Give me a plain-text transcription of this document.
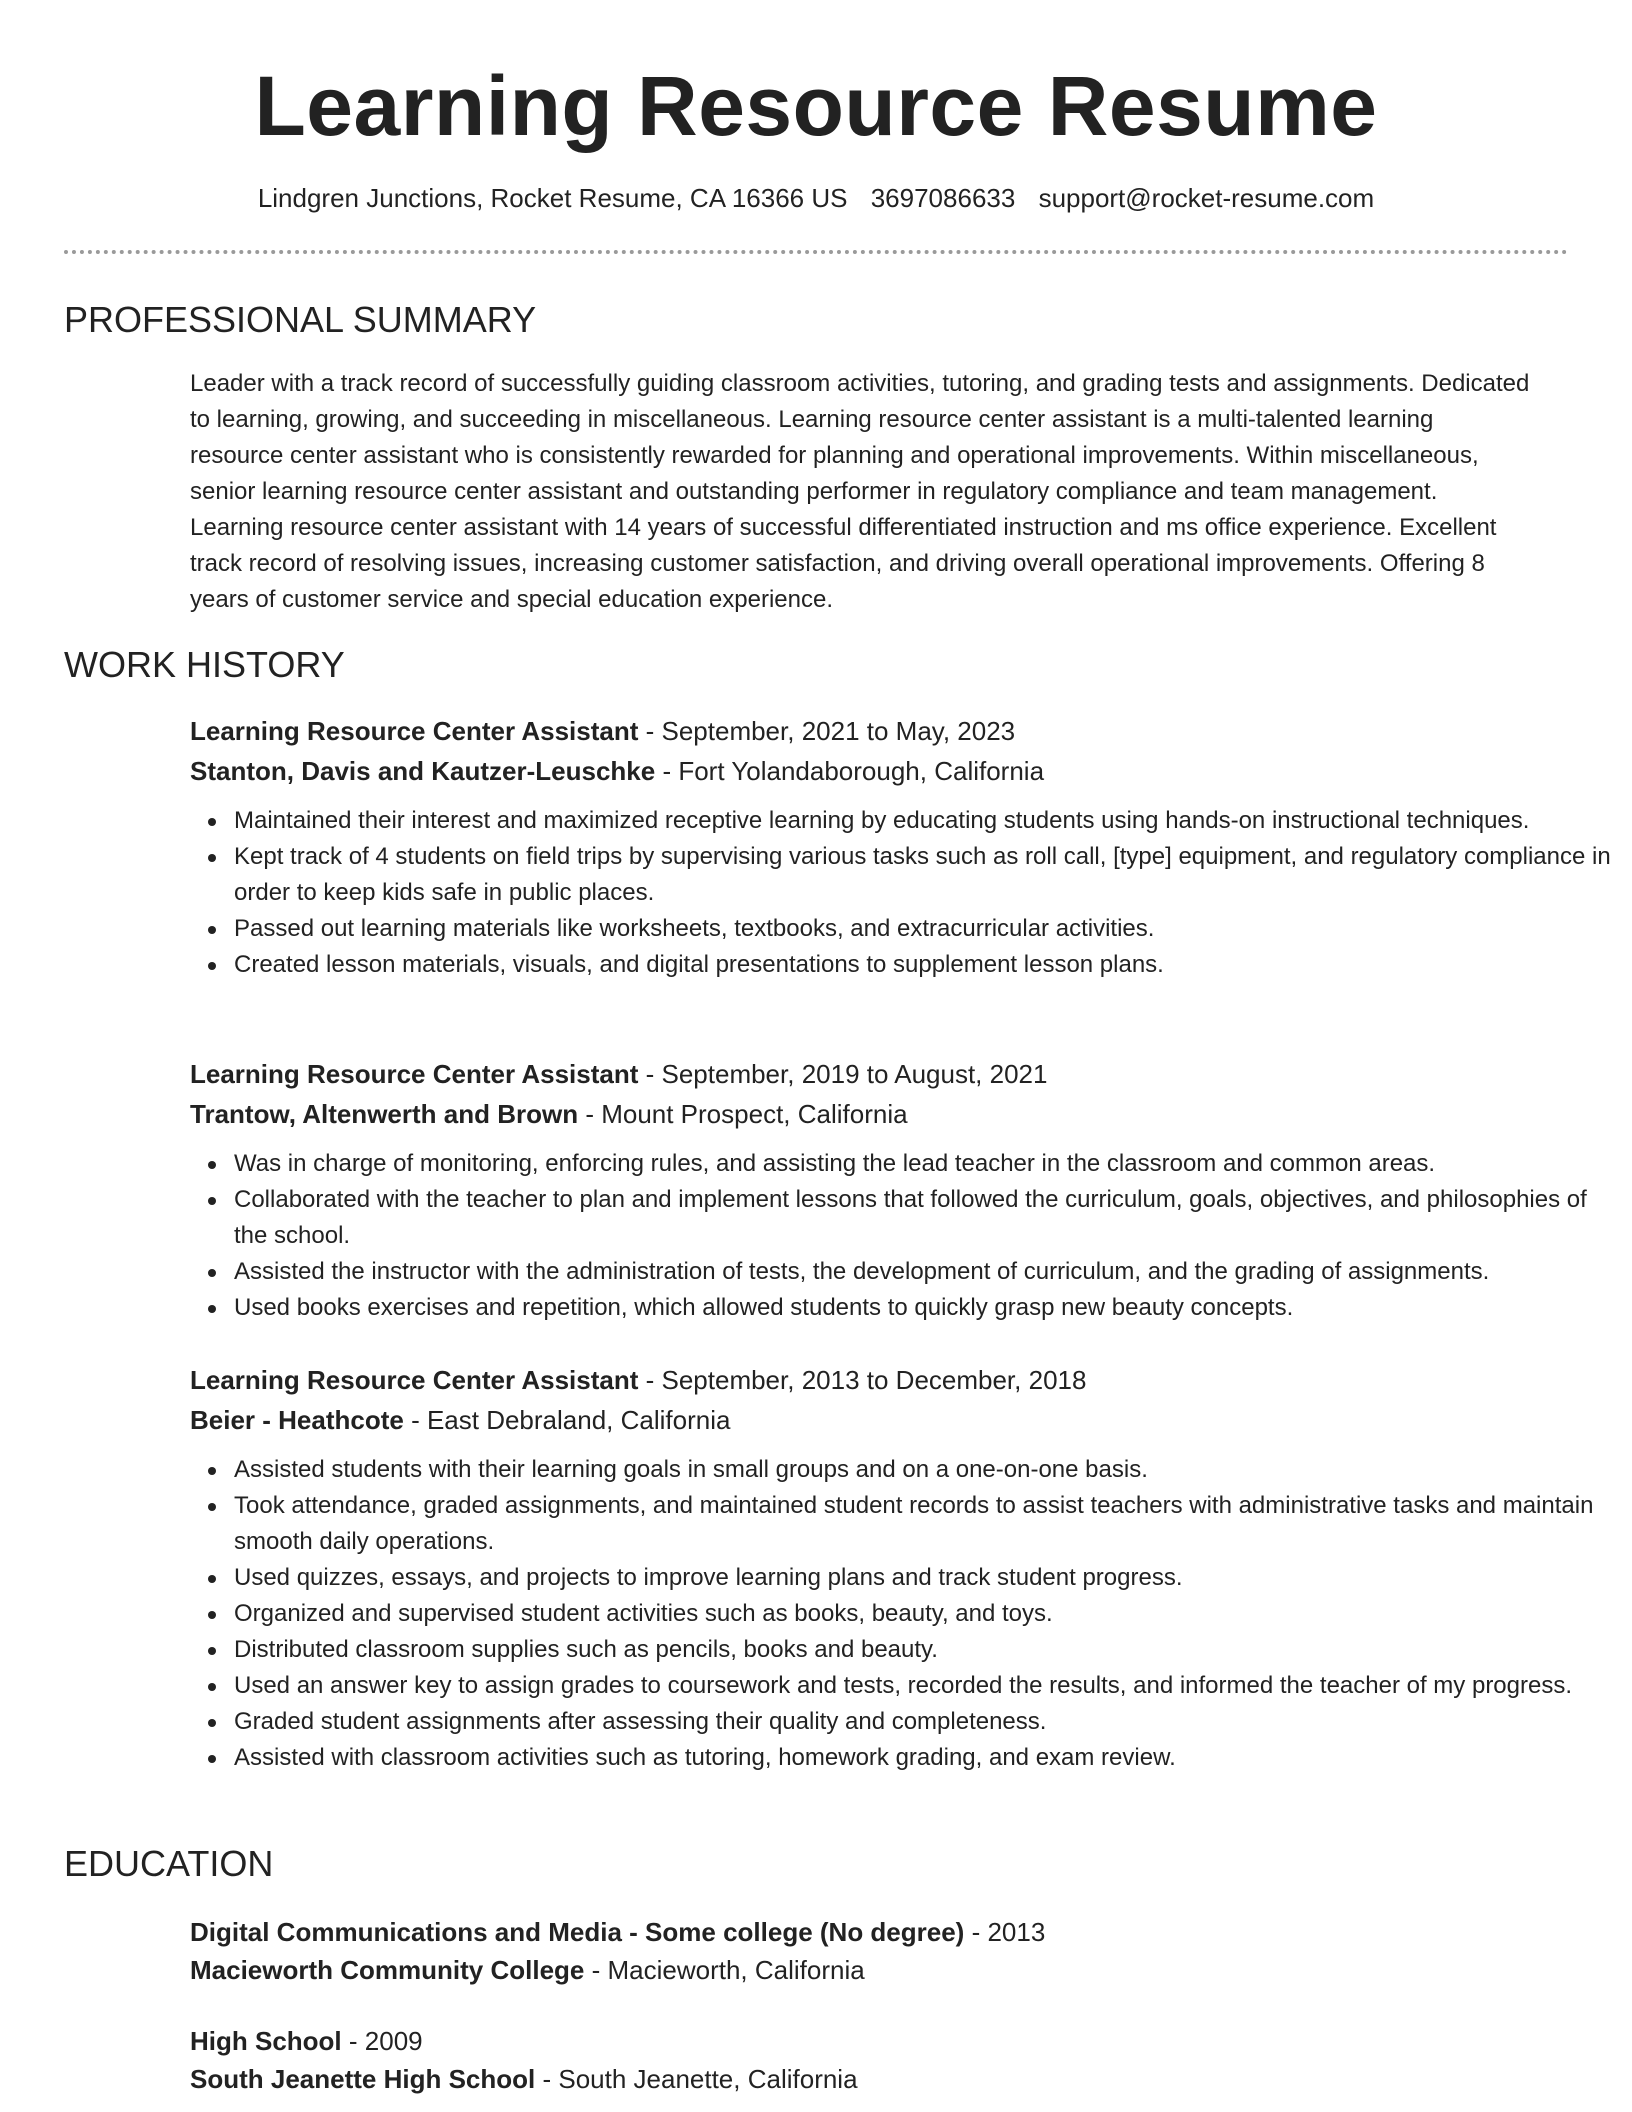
Learning Resource Resume
Lindgren Junctions, Rocket Resume, CA 16366 US 3697086633 support@rocket-resume.com
PROFESSIONAL SUMMARY

Leader with a track record of successfully guiding classroom activities, tutoring, and grading tests and assignments. Dedicated to learning, growing, and succeeding in miscellaneous. Learning resource center assistant is a multi-talented learning resource center assistant who is consistently rewarded for planning and operational improvements. Within miscellaneous, senior learning resource center assistant and outstanding performer in regulatory compliance and team management. Learning resource center assistant with 14 years of successful differentiated instruction and ms office experience. Excellent track record of resolving issues, increasing customer satisfaction, and driving overall operational improvements. Offering 8 years of customer service and special education experience.

WORK HISTORY
Learning Resource Center Assistant - September, 2021 to May, 2023
Stanton, Davis and Kautzer-Leuschke - Fort Yolandaborough, California
Maintained their interest and maximized receptive learning by educating students using hands-on instructional techniques.
Kept track of 4 students on field trips by supervising various tasks such as roll call, [type] equipment, and regulatory compliance in order to keep kids safe in public places.
Passed out learning materials like worksheets, textbooks, and extracurricular activities.
Created lesson materials, visuals, and digital presentations to supplement lesson plans.
Learning Resource Center Assistant - September, 2019 to August, 2021
Trantow, Altenwerth and Brown - Mount Prospect, California
Was in charge of monitoring, enforcing rules, and assisting the lead teacher in the classroom and common areas.
Collaborated with the teacher to plan and implement lessons that followed the curriculum, goals, objectives, and philosophies of the school.
Assisted the instructor with the administration of tests, the development of curriculum, and the grading of assignments.
Used books exercises and repetition, which allowed students to quickly grasp new beauty concepts.
Learning Resource Center Assistant - September, 2013 to December, 2018
Beier - Heathcote - East Debraland, California
Assisted students with their learning goals in small groups and on a one-on-one basis.
Took attendance, graded assignments, and maintained student records to assist teachers with administrative tasks and maintain smooth daily operations.
Used quizzes, essays, and projects to improve learning plans and track student progress.
Organized and supervised student activities such as books, beauty, and toys.
Distributed classroom supplies such as pencils, books and beauty.
Used an answer key to assign grades to coursework and tests, recorded the results, and informed the teacher of my progress.
Graded student assignments after assessing their quality and completeness.
Assisted with classroom activities such as tutoring, homework grading, and exam review.
EDUCATION
Digital Communications and Media - Some college (No degree) - 2013
Macieworth Community College - Macieworth, California
High School - 2009
South Jeanette High School - South Jeanette, California
